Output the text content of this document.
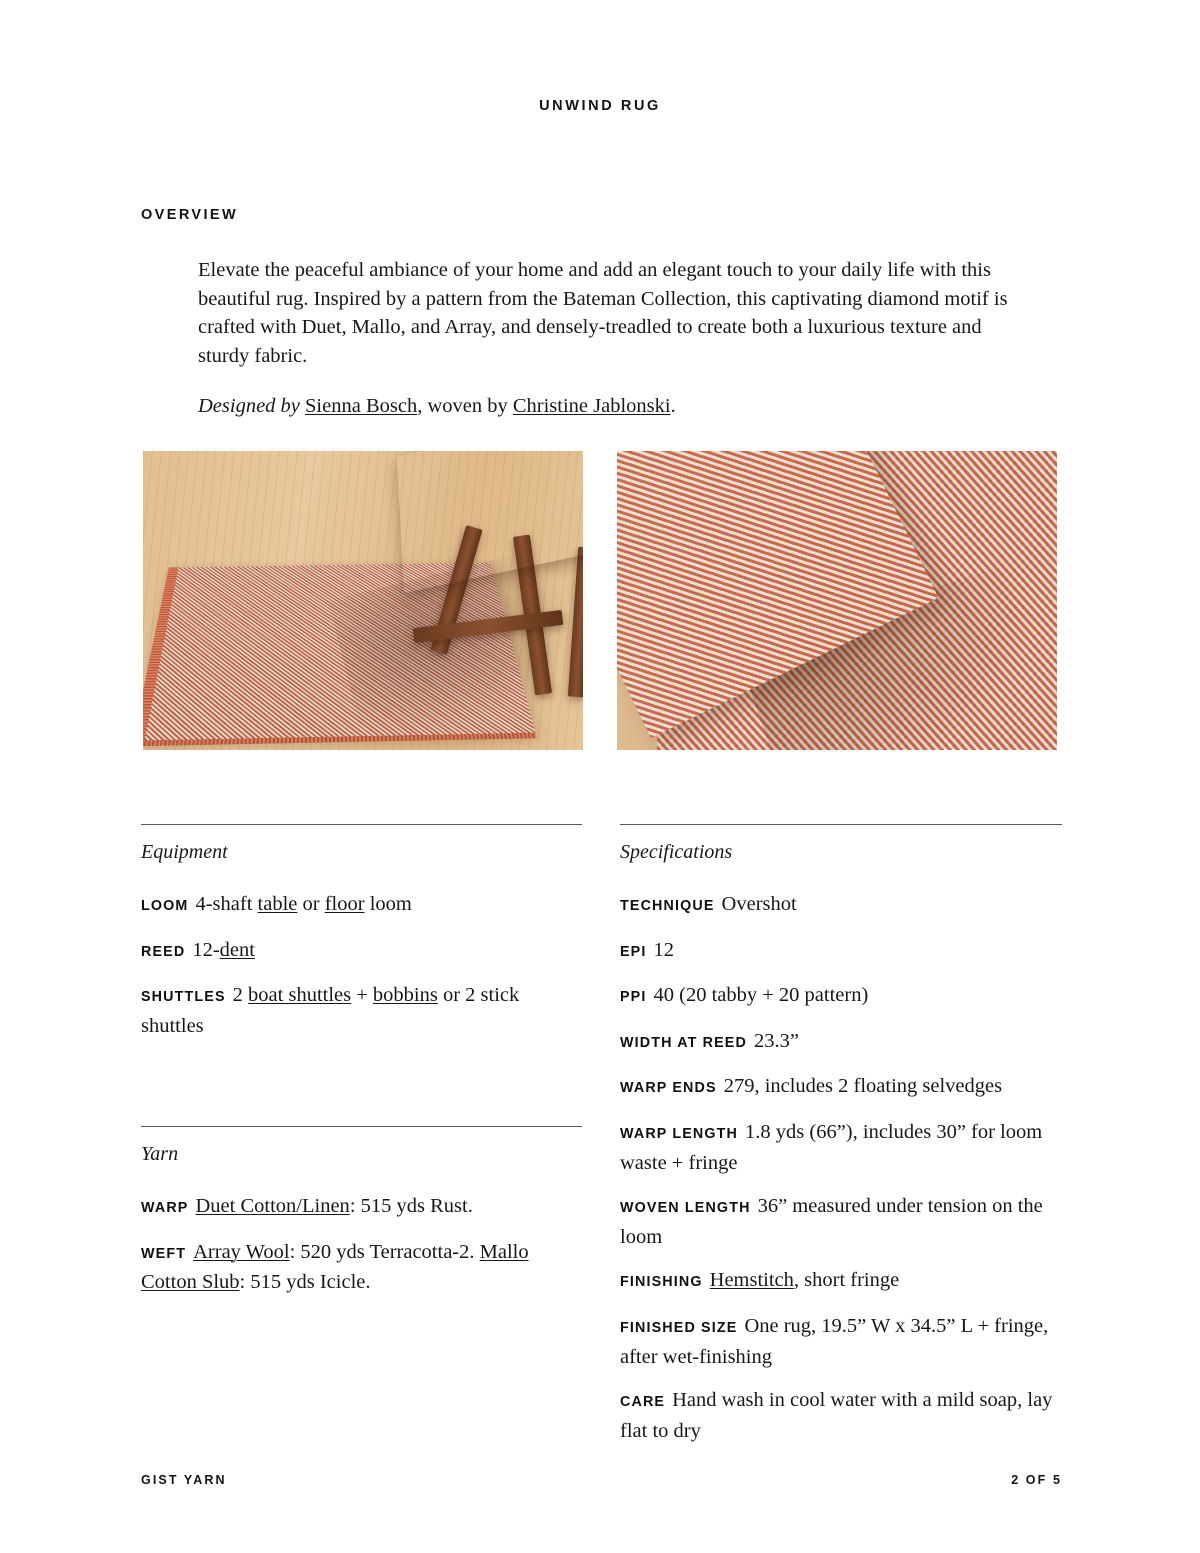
UNWIND RUG
OVERVIEW

Elevate the peaceful ambiance of your home and add an elegant touch to your daily life with this beautiful rug. Inspired by a pattern from the Bateman Collection, this captivating diamond motif is crafted with Duet, Mallo, and Array, and densely-treadled to create both a luxurious texture and sturdy fabric.

Designed by Sienna Bosch, woven by Christine Jablonski.

Equipment
LOOM 4-shaft table or floor loom
REED 12-dent
SHUTTLES 2 boat shuttles + bobbins or 2 stick shuttles
Yarn
WARP Duet Cotton/Linen: 515 yds Rust.
WEFT Array Wool: 520 yds Terracotta-2. Mallo Cotton Slub: 515 yds Icicle.
Specifications
TECHNIQUE Overshot
EPI 12
PPI 40 (20 tabby + 20 pattern)
WIDTH AT REED 23.3”
WARP ENDS 279, includes 2 floating selvedges
WARP LENGTH 1.8 yds (66”), includes 30” for loom waste + fringe
WOVEN LENGTH 36” measured under tension on the loom
FINISHING Hemstitch, short fringe
FINISHED SIZE One rug, 19.5” W x 34.5” L + fringe, after wet-finishing
CARE Hand wash in cool water with a mild soap, lay flat to dry
GIST YARN	2 OF 5
